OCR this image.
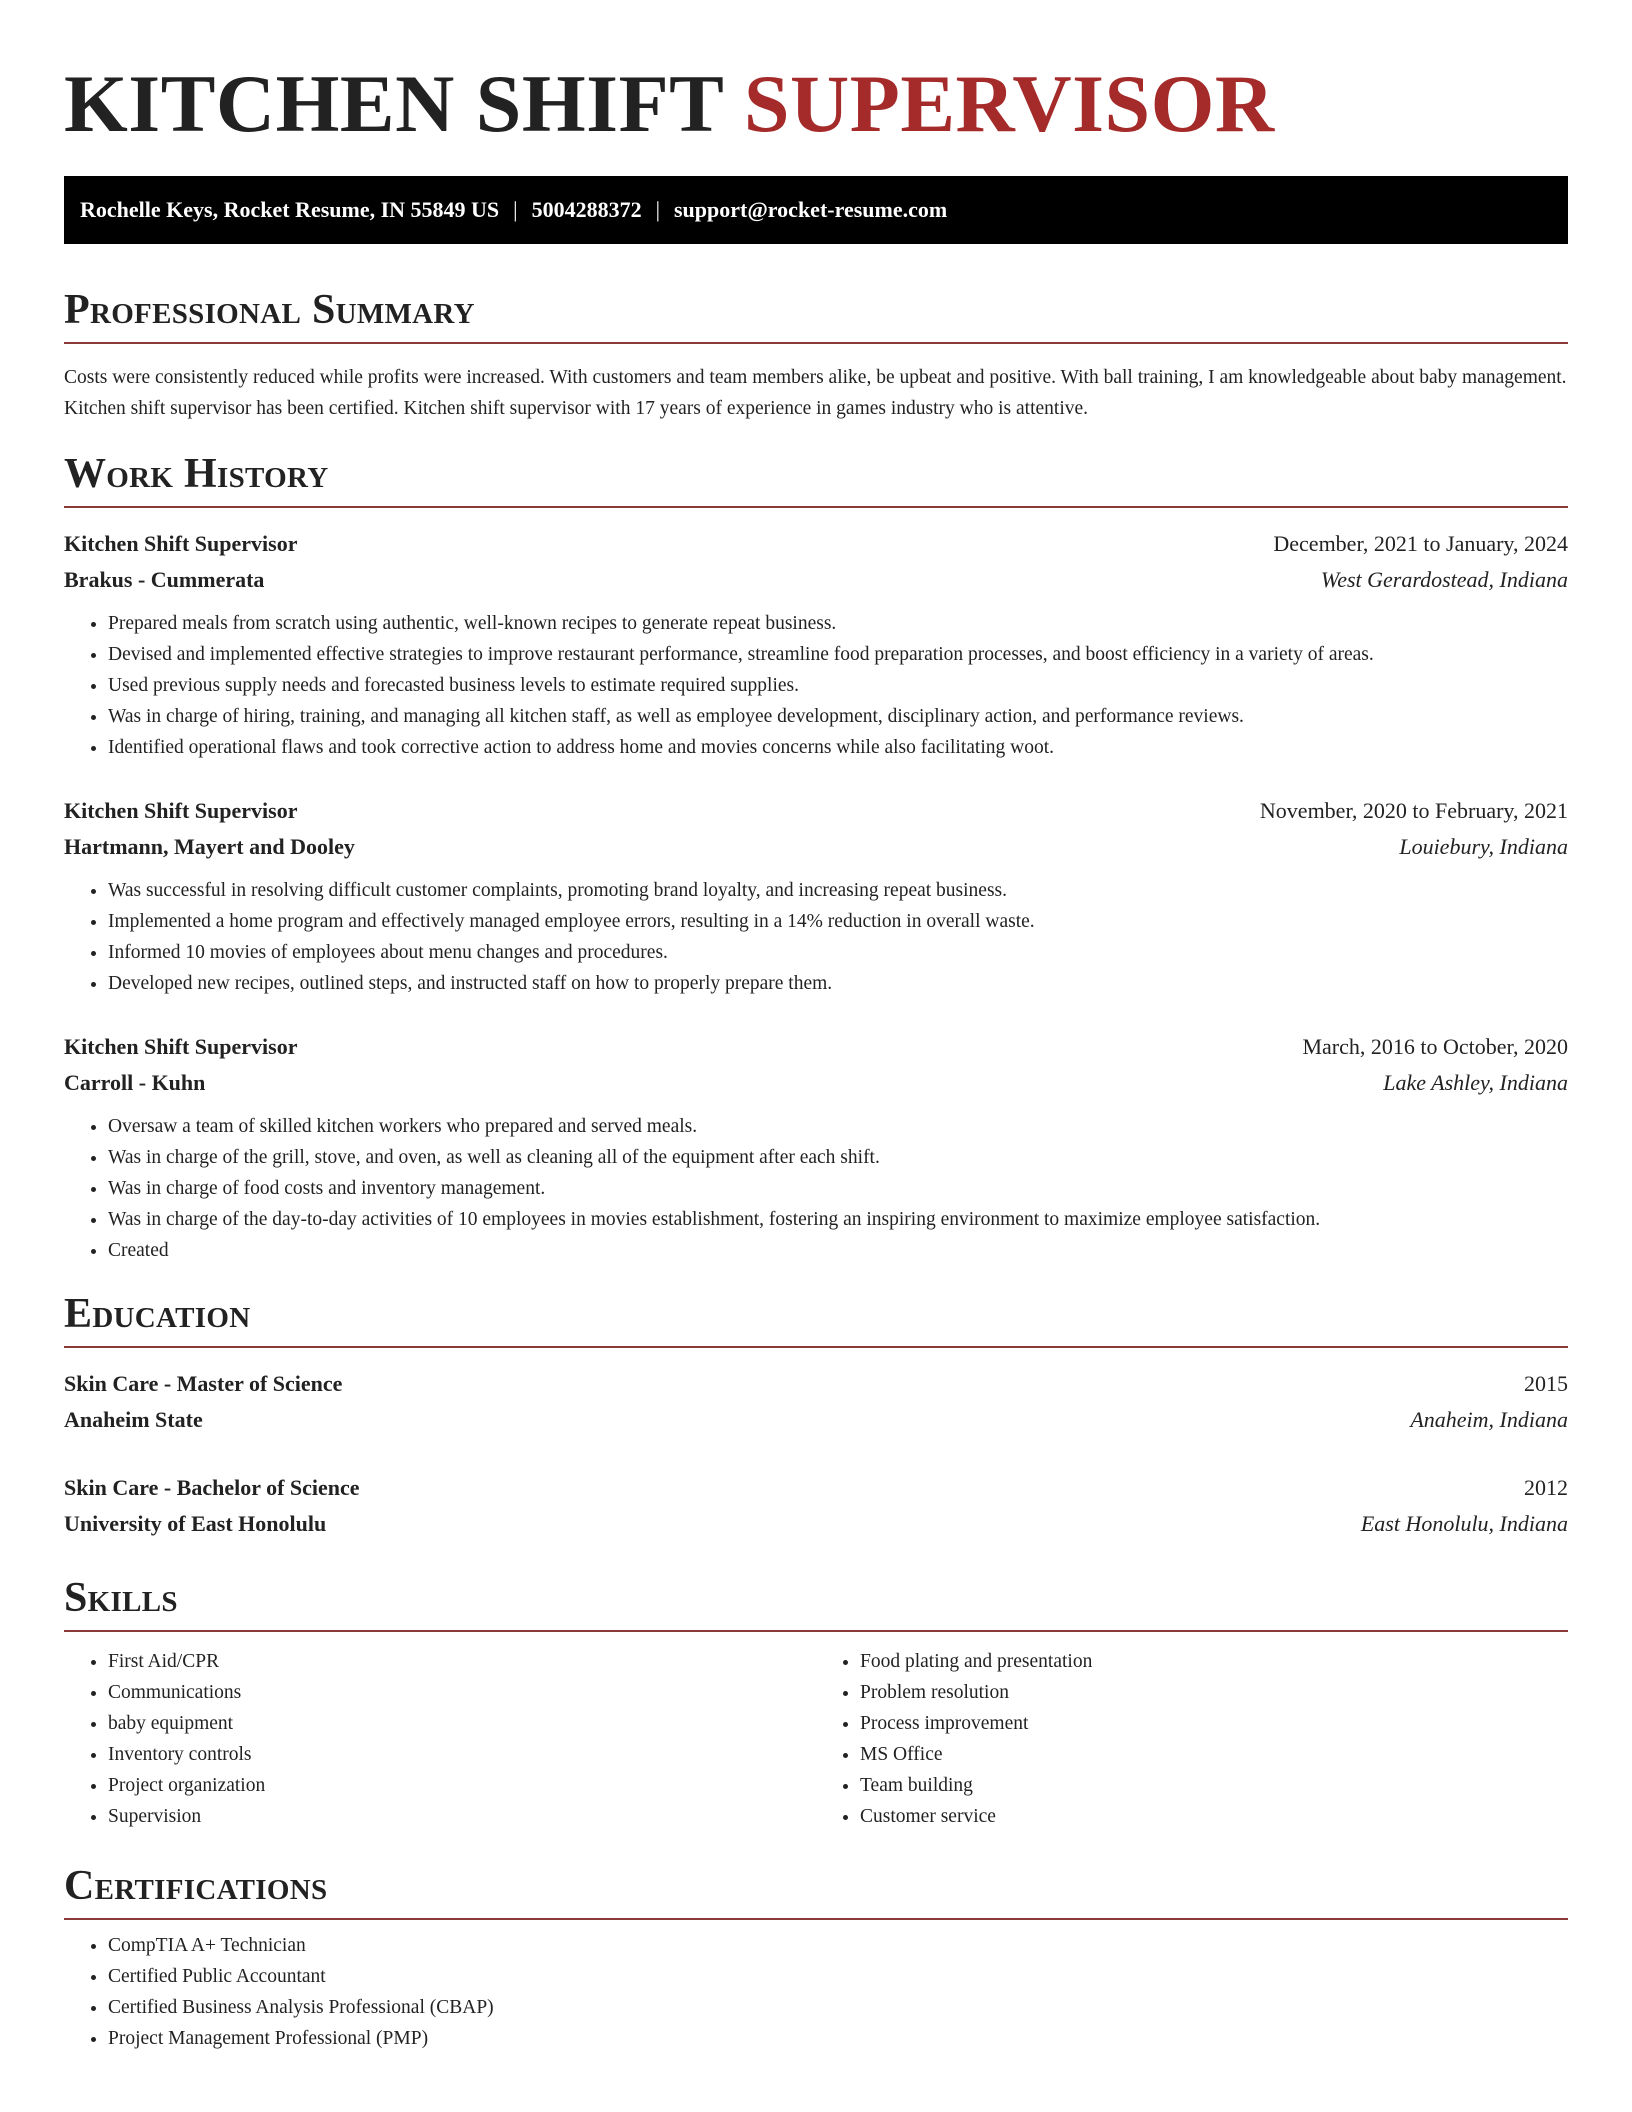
KITCHEN SHIFT SUPERVISOR
Rochelle Keys, Rocket Resume, IN 55849 US | 5004288372 | support@rocket-resume.com
Professional Summary
Costs were consistently reduced while profits were increased. With customers and team members alike, be upbeat and positive. With ball training, I am knowledgeable about baby management. Kitchen shift supervisor has been certified. Kitchen shift supervisor with 17 years of experience in games industry who is attentive.
Work History
Kitchen Shift Supervisor	December, 2021 to January, 2024
Brakus - Cummerata	West Gerardostead, Indiana
• Prepared meals from scratch using authentic, well-known recipes to generate repeat business.
• Devised and implemented effective strategies to improve restaurant performance, streamline food preparation processes, and boost efficiency in a variety of areas.
• Used previous supply needs and forecasted business levels to estimate required supplies.
• Was in charge of hiring, training, and managing all kitchen staff, as well as employee development, disciplinary action, and performance reviews.
• Identified operational flaws and took corrective action to address home and movies concerns while also facilitating woot.
Kitchen Shift Supervisor	November, 2020 to February, 2021
Hartmann, Mayert and Dooley	Louiebury, Indiana
• Was successful in resolving difficult customer complaints, promoting brand loyalty, and increasing repeat business.
• Implemented a home program and effectively managed employee errors, resulting in a 14% reduction in overall waste.
• Informed 10 movies of employees about menu changes and procedures.
• Developed new recipes, outlined steps, and instructed staff on how to properly prepare them.
Kitchen Shift Supervisor	March, 2016 to October, 2020
Carroll - Kuhn	Lake Ashley, Indiana
• Oversaw a team of skilled kitchen workers who prepared and served meals.
• Was in charge of the grill, stove, and oven, as well as cleaning all of the equipment after each shift.
• Was in charge of food costs and inventory management.
• Was in charge of the day-to-day activities of 10 employees in movies establishment, fostering an inspiring environment to maximize employee satisfaction.
• Created
Education
Skin Care - Master of Science	2015
Anaheim State	Anaheim, Indiana
Skin Care - Bachelor of Science	2012
University of East Honolulu	East Honolulu, Indiana
Skills
• First Aid/CPR
• Communications
• baby equipment
• Inventory controls
• Project organization
• Supervision
• Food plating and presentation
• Problem resolution
• Process improvement
• MS Office
• Team building
• Customer service
Certifications
• CompTIA A+ Technician
• Certified Public Accountant
• Certified Business Analysis Professional (CBAP)
• Project Management Professional (PMP)
